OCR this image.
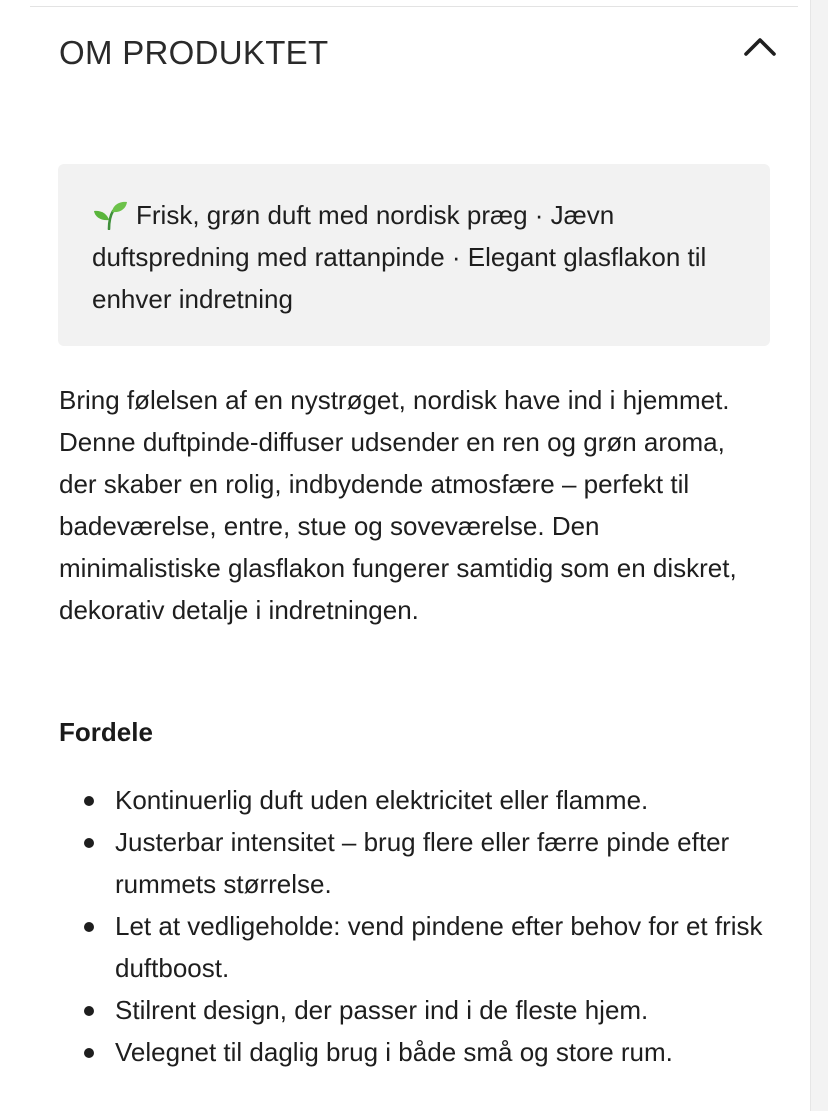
OM PRODUKTET

Frisk, grøn duft med nordisk præg · Jævn duftspredning med rattanpinde · Elegant glasflakon til enhver indretning

Bring følelsen af en nystrøget, nordisk have ind i hjemmet. Denne duftpinde-diffuser udsender en ren og grøn aroma, der skaber en rolig, indbydende atmosfære – perfekt til badeværelse, entre, stue og soveværelse. Den minimalistiske glasflakon fungerer samtidig som en diskret, dekorativ detalje i indretningen.

Fordele
Kontinuerlig duft uden elektricitet eller flamme.
Justerbar intensitet – brug flere eller færre pinde efter rummets størrelse.
Let at vedligeholde: vend pindene efter behov for et frisk duftboost.
Stilrent design, der passer ind i de fleste hjem.
Velegnet til daglig brug i både små og store rum.
